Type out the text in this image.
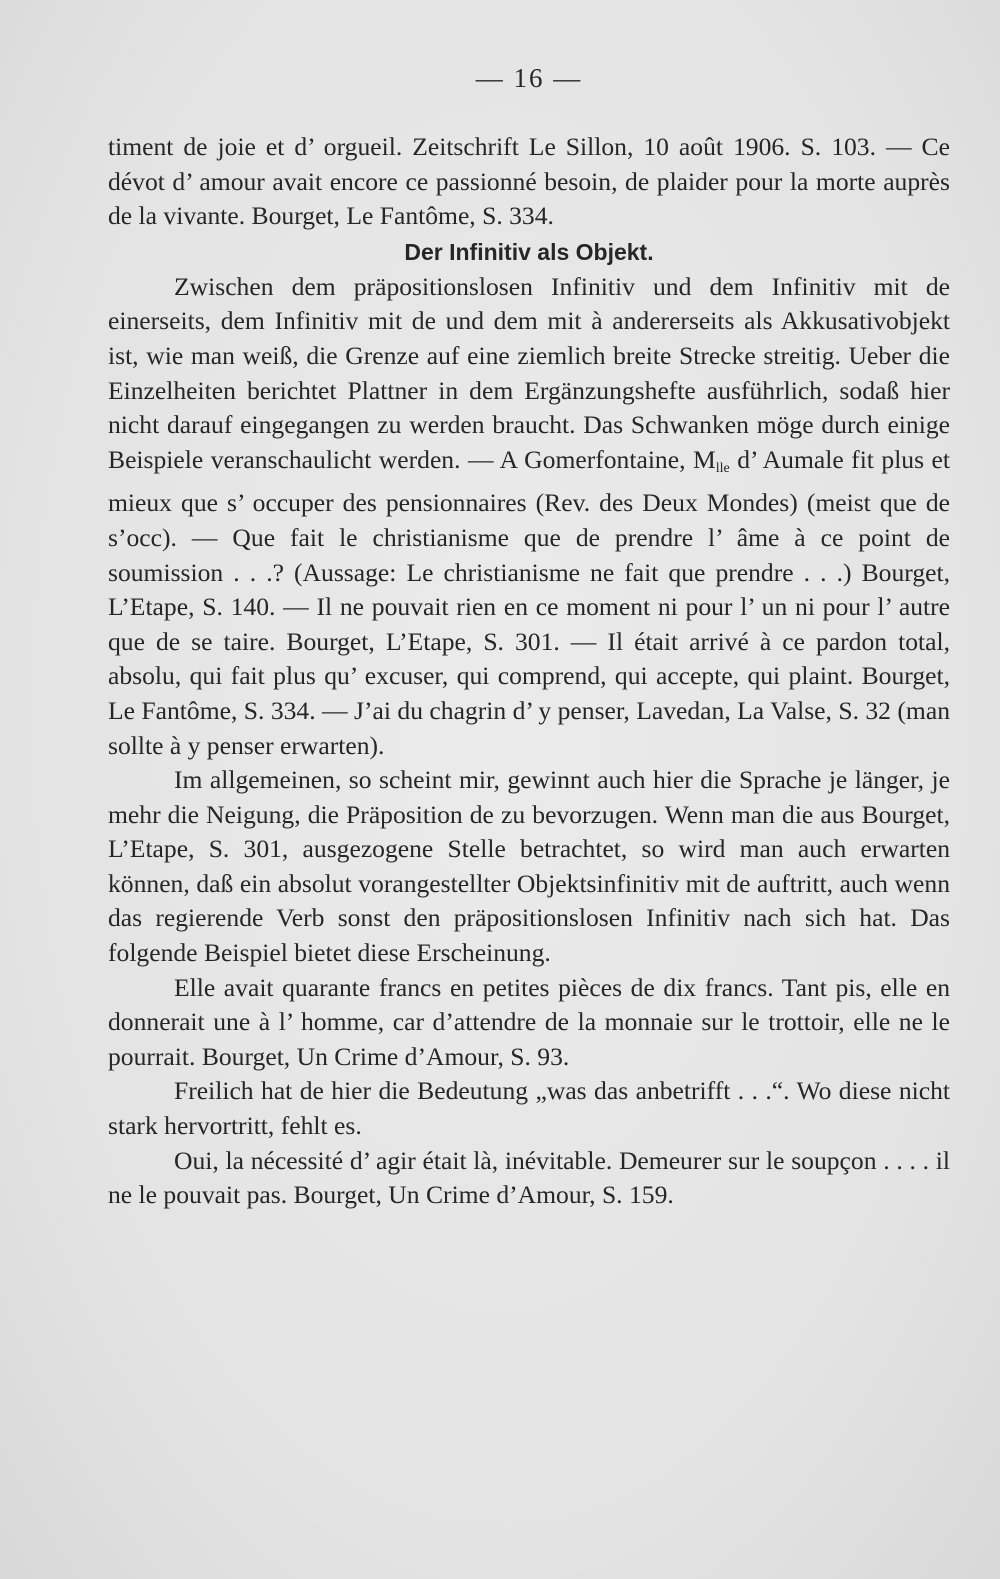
— 16 —

timent de joie et d’ orgueil. Zeitschrift Le Sillon, 10 août 1906. S. 103. — Ce dévot d’ amour avait encore ce passionné besoin, de plaider pour la morte auprès de la vivante. Bourget, Le Fantôme, S. 334.

Der Infinitiv als Objekt.

Zwischen dem präpositionslosen Infinitiv und dem Infinitiv mit de einerseits, dem Infinitiv mit de und dem mit à andererseits als Akkusativobjekt ist, wie man weiß, die Grenze auf eine ziemlich breite Strecke streitig. Ueber die Einzelheiten berichtet Plattner in dem Ergänzungshefte ausführlich, sodaß hier nicht darauf eingegangen zu werden braucht. Das Schwanken möge durch einige Beispiele veranschaulicht werden. — A Gomerfontaine, $M_{lle}$ d’ Aumale fit plus et mieux que s’ occuper des pensionnaires (Rev. des Deux Mondes) (meist que de s’occ). — Que fait le christianisme que de prendre l’ âme à ce point de soumission . . .? (Aussage: Le christianisme ne fait que prendre . . .) Bourget, L’Etape, S. 140. — Il ne pouvait rien en ce moment ni pour l’ un ni pour l’ autre que de se taire. Bourget, L’Etape, S. 301. — Il était arrivé à ce pardon total, absolu, qui fait plus qu’ excuser, qui comprend, qui accepte, qui plaint. Bourget, Le Fantôme, S. 334. — J’ai du chagrin d’ y penser, Lavedan, La Valse, S. 32 (man sollte à y penser erwarten).

Im allgemeinen, so scheint mir, gewinnt auch hier die Sprache je länger, je mehr die Neigung, die Präposition de zu bevorzugen. Wenn man die aus Bourget, L’Etape, S. 301, ausgezogene Stelle betrachtet, so wird man auch erwarten können, daß ein absolut vorangestellter Objektsinfinitiv mit de auftritt, auch wenn das regierende Verb sonst den präpositionslosen Infinitiv nach sich hat. Das folgende Beispiel bietet diese Erscheinung.

Elle avait quarante francs en petites pièces de dix francs. Tant pis, elle en donnerait une à l’ homme, car d’attendre de la monnaie sur le trottoir, elle ne le pourrait. Bourget, Un Crime d’Amour, S. 93.

Freilich hat de hier die Bedeutung „was das anbetrifft . . .“. Wo diese nicht stark hervortritt, fehlt es.

Oui, la nécessité d’ agir était là, inévitable. Demeurer sur le soupçon . . . . il ne le pouvait pas. Bourget, Un Crime d’Amour, S. 159.
